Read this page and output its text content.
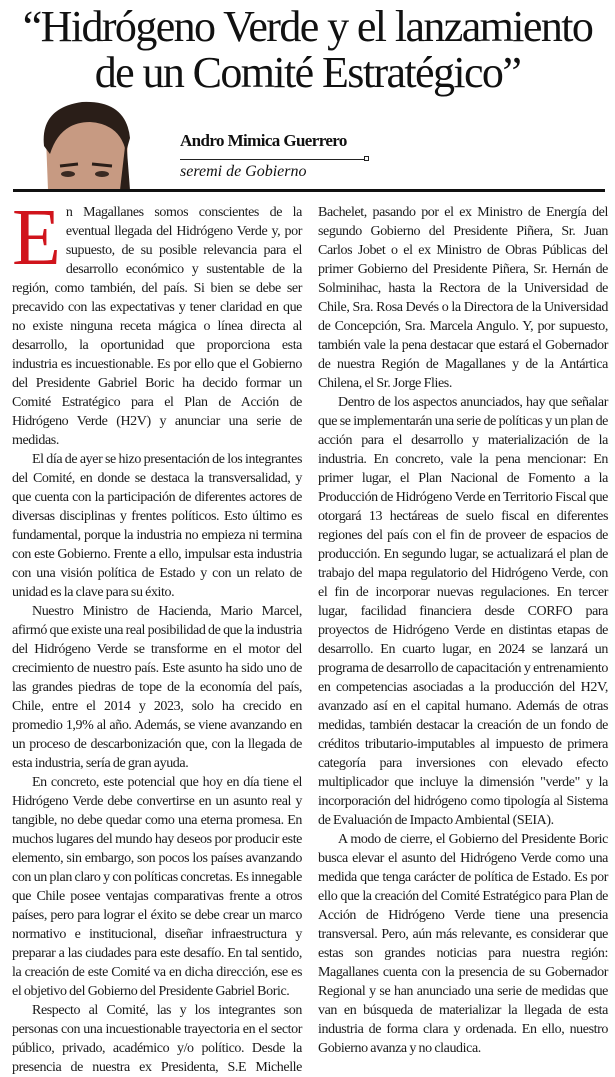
“Hidrógeno Verde y el lanzamiento
de un Comité Estratégico”
Andro Mimica Guerrero
seremi de Gobierno

En Magallanes somos conscientes de la eventual llegada del Hidrógeno Verde y, por supuesto, de su posible relevancia para el desarrollo económico y sustentable de la región, como también, del país. Si bien se debe ser precavido con las expectativas y tener claridad en que no existe ninguna receta mágica o línea directa al desarrollo, la oportunidad que proporciona esta industria es incuestionable. Es por ello que el Gobierno del Presidente Gabriel Boric ha decido formar un Comité Estratégico para el Plan de Acción de Hidrógeno Verde (H2V) y anunciar una serie de medidas.

El día de ayer se hizo presentación de los integrantes del Comité, en donde se destaca la transversalidad, y que cuenta con la participación de diferentes actores de diversas disciplinas y frentes políticos. Esto último es fundamental, porque la industria no empieza ni termina con este Gobierno. Frente a ello, impulsar esta industria con una visión política de Estado y con un relato de unidad es la clave para su éxito.

Nuestro Ministro de Hacienda, Mario Marcel, afirmó que existe una real posibilidad de que la industria del Hidrógeno Verde se transforme en el motor del crecimiento de nuestro país. Este asunto ha sido uno de las grandes piedras de tope de la economía del país, Chile, entre el 2014 y 2023, solo ha crecido en promedio 1,9% al año. Además, se viene avanzando en un proceso de descarbonización que, con la llegada de esta industria, sería de gran ayuda.

En concreto, este potencial que hoy en día tiene el Hidrógeno Verde debe convertirse en un asunto real y tangible, no debe quedar como una eterna promesa. En muchos lugares del mundo hay deseos por producir este elemento, sin embargo, son pocos los países avanzando con un plan claro y con políticas concretas. Es innegable que Chile posee ventajas comparativas frente a otros países, pero para lograr el éxito se debe crear un marco normativo e institucional, diseñar infraestructura y preparar a las ciudades para este desafío. En tal sentido, la creación de este Comité va en dicha dirección, ese es el objetivo del Gobierno del Presidente Gabriel Boric.

Respecto al Comité, las y los integrantes son personas con una incuestionable trayectoria en el sector público, privado, académico y/o político. Desde la presencia de nuestra ex Presidenta, S.E Michelle Bachelet, pasando por el ex Ministro de Energía del segundo Gobierno del Presidente Piñera, Sr. Juan Carlos Jobet o el ex Ministro de Obras Públicas del primer Gobierno del Presidente Piñera, Sr. Hernán de Solminihac, hasta la Rectora de la Universidad de Chile, Sra. Rosa Devés o la Directora de la Universidad de Concepción, Sra. Marcela Angulo. Y, por supuesto, también vale la pena destacar que estará el Gobernador de nuestra Región de Magallanes y de la Antártica Chilena, el Sr. Jorge Flies.

Dentro de los aspectos anunciados, hay que señalar que se implementarán una serie de políticas y un plan de acción para el desarrollo y materialización de la industria. En concreto, vale la pena mencionar: En primer lugar, el Plan Nacional de Fomento a la Producción de Hidrógeno Verde en Territorio Fiscal que otorgará 13 hectáreas de suelo fiscal en diferentes regiones del país con el fin de proveer de espacios de producción. En segundo lugar, se actualizará el plan de trabajo del mapa regulatorio del Hidrógeno Verde, con el fin de incorporar nuevas regulaciones. En tercer lugar, facilidad financiera desde CORFO para proyectos de Hidrógeno Verde en distintas etapas de desarrollo. En cuarto lugar, en 2024 se lanzará un programa de desarrollo de capacitación y entrenamiento en competencias asociadas a la producción del H2V, avanzado así en el capital humano. Además de otras medidas, también destacar la creación de un fondo de créditos tributario-imputables al impuesto de primera categoría para inversiones con elevado efecto multiplicador que incluye la dimensión "verde" y la incorporación del hidrógeno como tipología al Sistema de Evaluación de Impacto Ambiental (SEIA).

A modo de cierre, el Gobierno del Presidente Boric busca elevar el asunto del Hidrógeno Verde como una medida que tenga carácter de política de Estado. Es por ello que la creación del Comité Estratégico para Plan de Acción de Hidrógeno Verde tiene una presencia transversal. Pero, aún más relevante, es considerar que estas son grandes noticias para nuestra región: Magallanes cuenta con la presencia de su Gobernador Regional y se han anunciado una serie de medidas que van en búsqueda de materializar la llegada de esta industria de forma clara y ordenada. En ello, nuestro Gobierno avanza y no claudica.
